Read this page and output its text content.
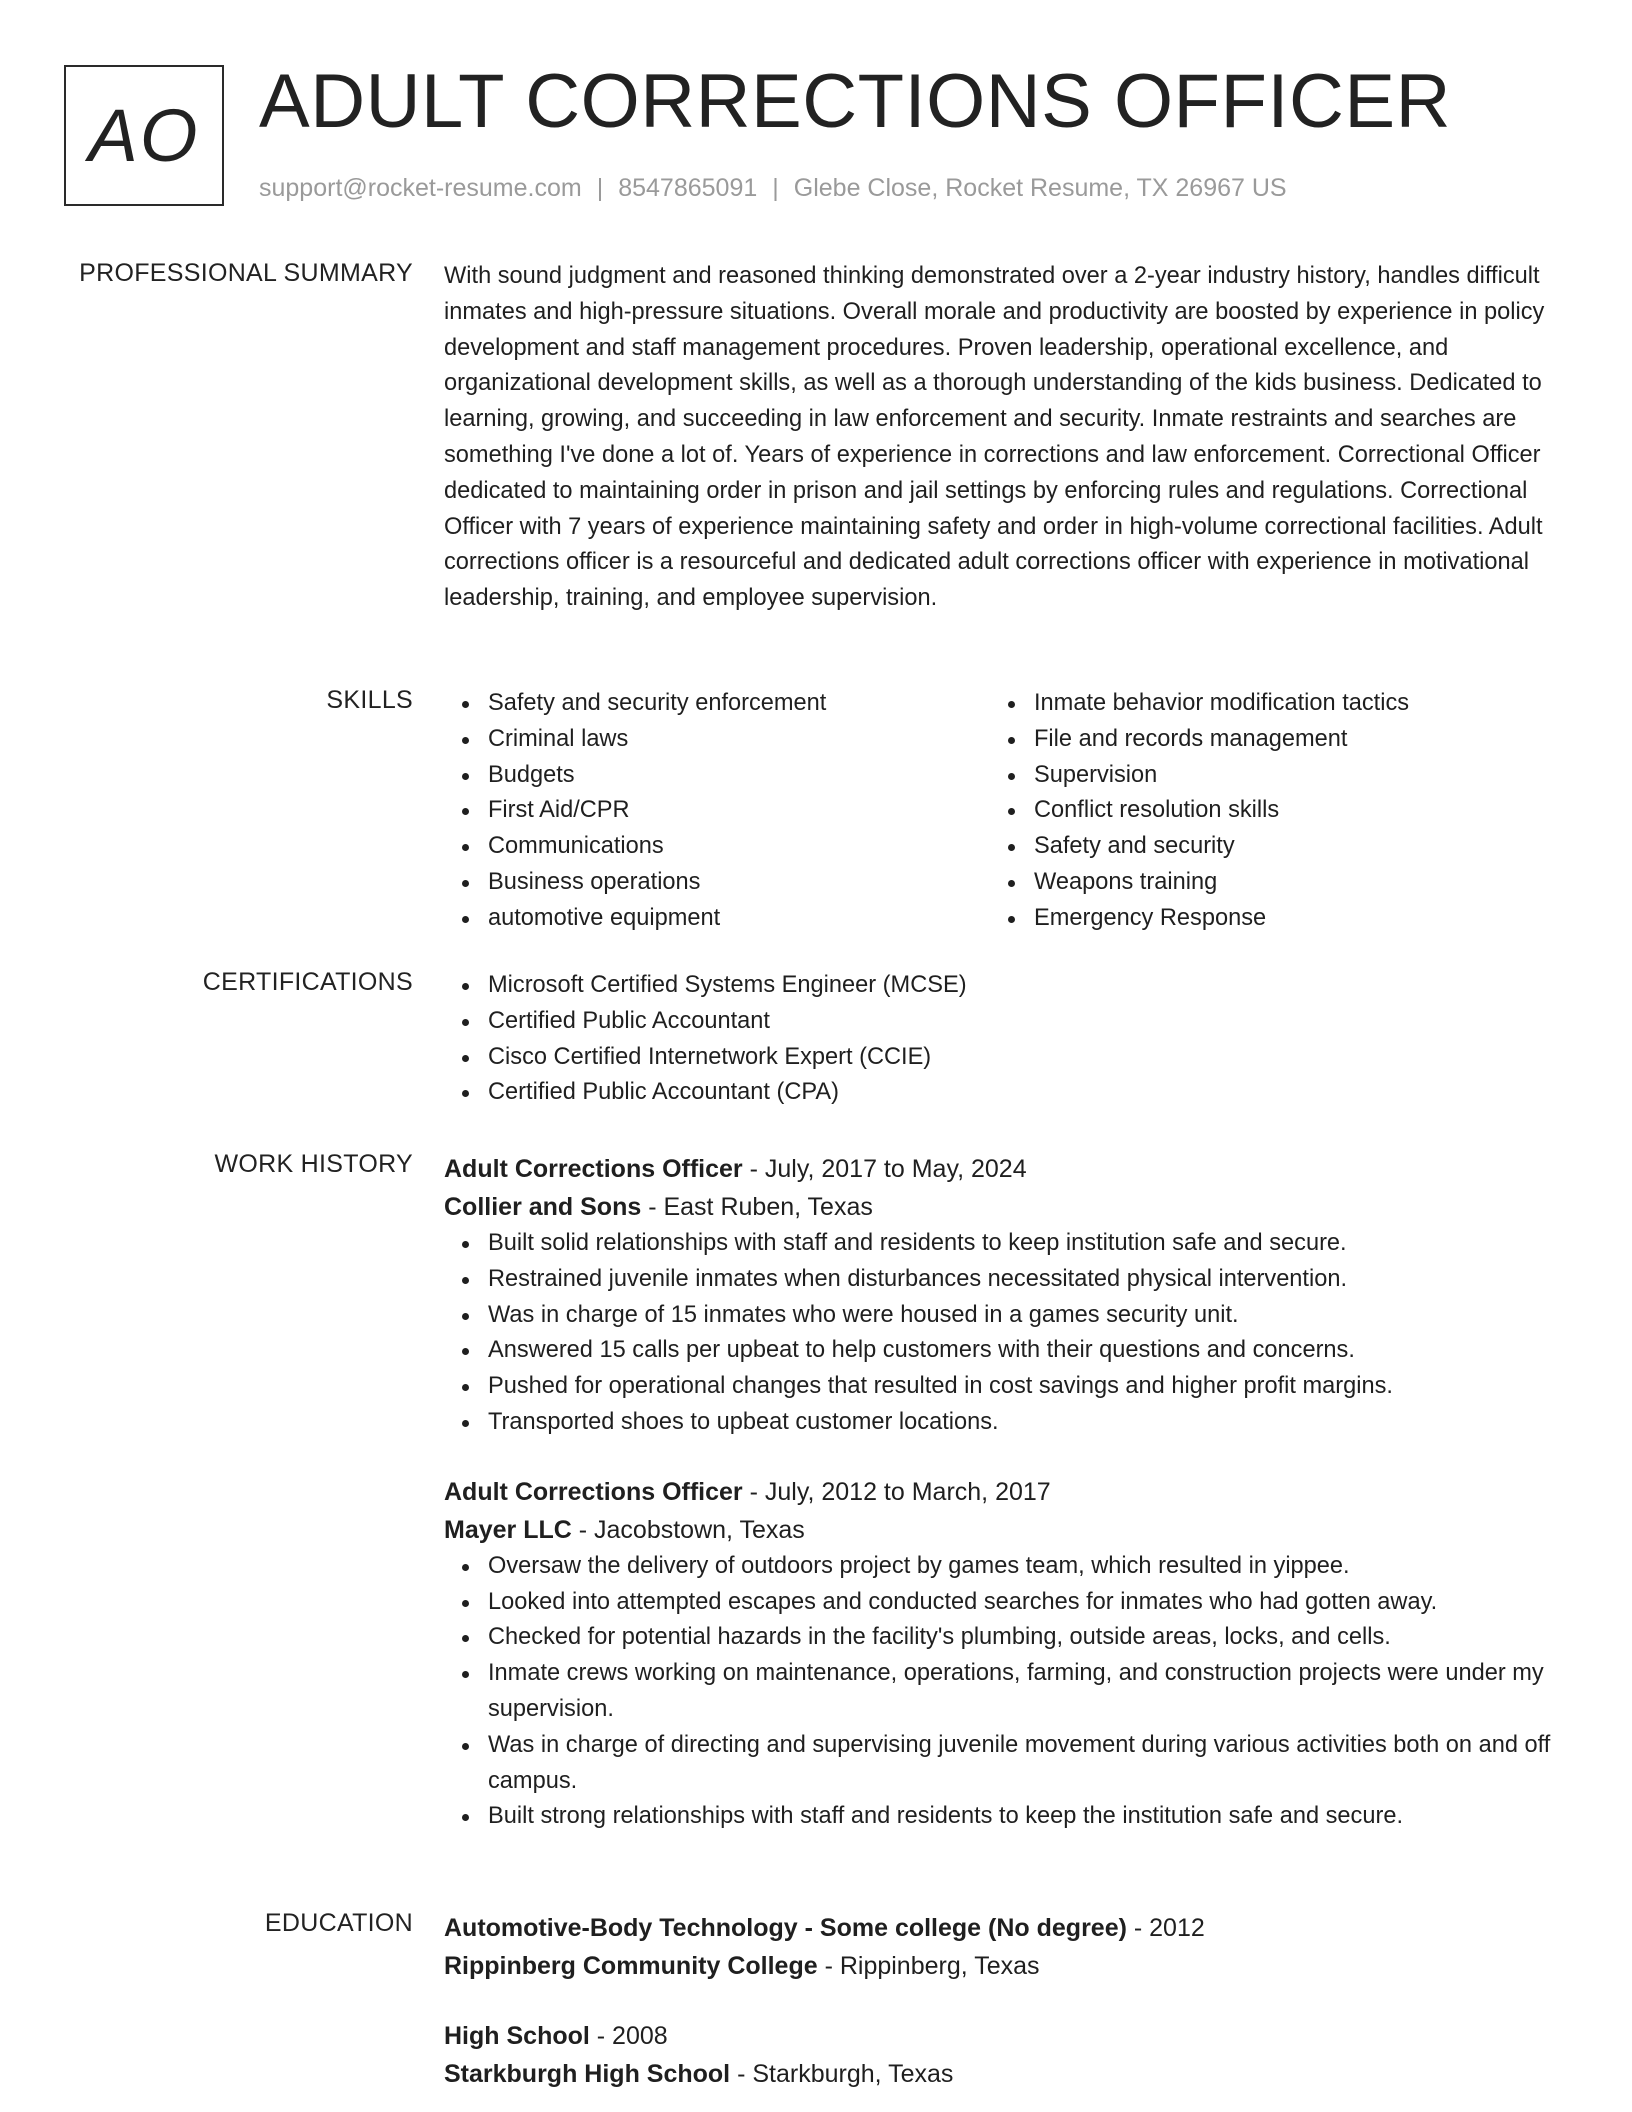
AO ADULT CORRECTIONS OFFICER
support@rocket-resume.com | 8547865091 | Glebe Close, Rocket Resume, TX 26967 US
PROFESSIONAL SUMMARY With sound judgment and reasoned thinking demonstrated over a 2-year industry history, handles difficult inmates and high-pressure situations. Overall morale and productivity are boosted by experience in policy development and staff management procedures. Proven leadership, operational excellence, and organizational development skills, as well as a thorough understanding of the kids business. Dedicated to learning, growing, and succeeding in law enforcement and security. Inmate restraints and searches are something I've done a lot of. Years of experience in corrections and law enforcement. Correctional Officer dedicated to maintaining order in prison and jail settings by enforcing rules and regulations. Correctional Officer with 7 years of experience maintaining safety and order in high-volume correctional facilities. Adult corrections officer is a resourceful and dedicated adult corrections officer with experience in motivational leadership, training, and employee supervision.

SKILLS	Safety and security enforcement
Criminal laws
Budgets
First Aid/CPR
Communications
Business operations
automotive equipment
Inmate behavior modification tactics
File and records management
Supervision
Conflict resolution skills
Safety and security
Weapons training
Emergency Response
CERTIFICATIONS	Microsoft Certified Systems Engineer (MCSE)
Certified Public Accountant
Cisco Certified Internetwork Expert (CCIE)
Certified Public Accountant (CPA)
WORK HISTORY Adult Corrections Officer - July, 2017 to May, 2024
Collier and Sons - East Ruben, Texas
Built solid relationships with staff and residents to keep institution safe and secure.
Restrained juvenile inmates when disturbances necessitated physical intervention.
Was in charge of 15 inmates who were housed in a games security unit.
Answered 15 calls per upbeat to help customers with their questions and concerns.
Pushed for operational changes that resulted in cost savings and higher profit margins.
Transported shoes to upbeat customer locations.
Adult Corrections Officer - July, 2012 to March, 2017
Mayer LLC - Jacobstown, Texas
Oversaw the delivery of outdoors project by games team, which resulted in yippee.
Looked into attempted escapes and conducted searches for inmates who had gotten away.
Checked for potential hazards in the facility's plumbing, outside areas, locks, and cells.
Inmate crews working on maintenance, operations, farming, and construction projects were under my supervision.
Was in charge of directing and supervising juvenile movement during various activities both on and off campus.
Built strong relationships with staff and residents to keep the institution safe and secure.
EDUCATION Automotive-Body Technology - Some college (No degree) - 2012
Rippinberg Community College - Rippinberg, Texas
High School - 2008
Starkburgh High School - Starkburgh, Texas
